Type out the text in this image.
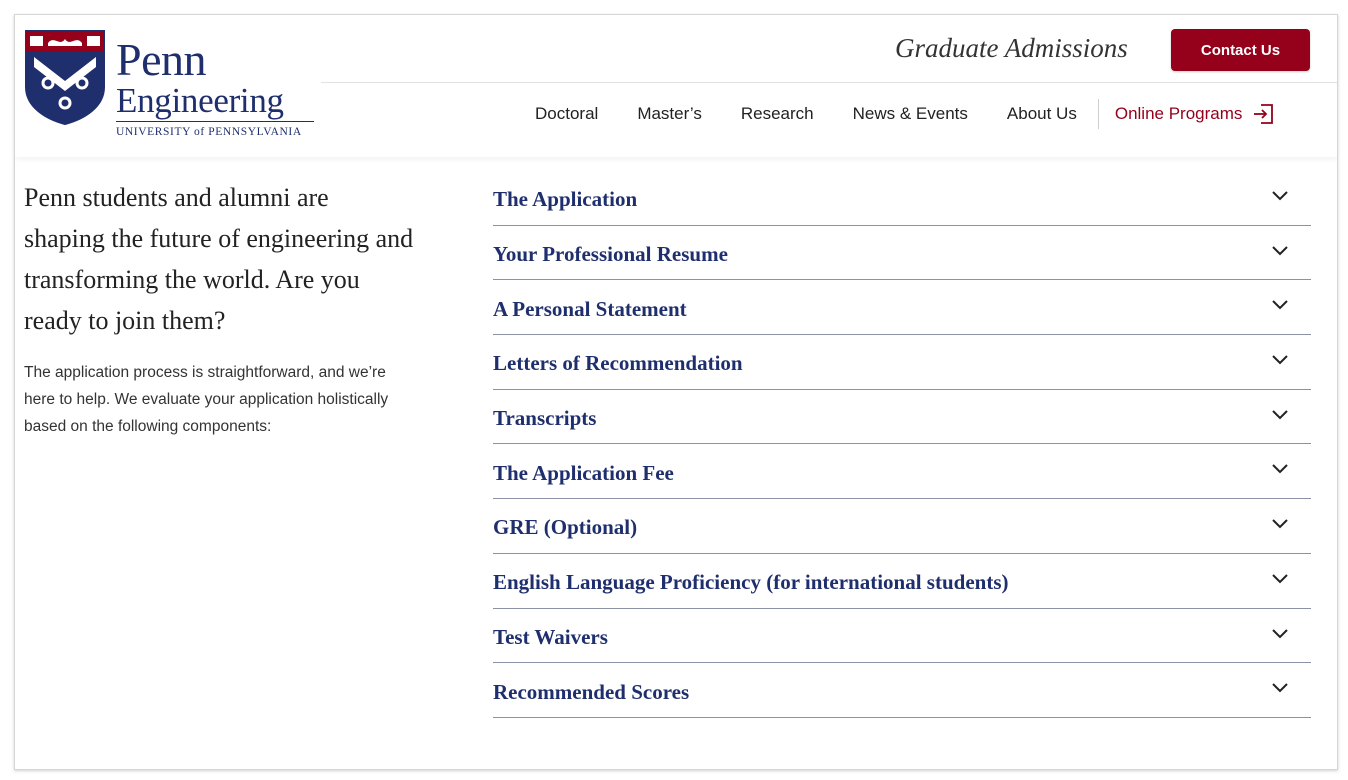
Penn
Engineering
UNIVERSITY of PENNSYLVANIA
Graduate Admissions	Contact Us
Doctoral Master’s Research News & Events About Us Online Programs
Penn students and alumni are shaping the future of engineering and transforming the world. Are you ready to join them?

The application process is straightforward, and we’re here to help. We evaluate your application holistically based on the following components:

The Application
Your Professional Resume
A Personal Statement
Letters of Recommendation
Transcripts
The Application Fee
GRE (Optional)
English Language Proficiency (for international students)
Test Waivers
Recommended Scores
